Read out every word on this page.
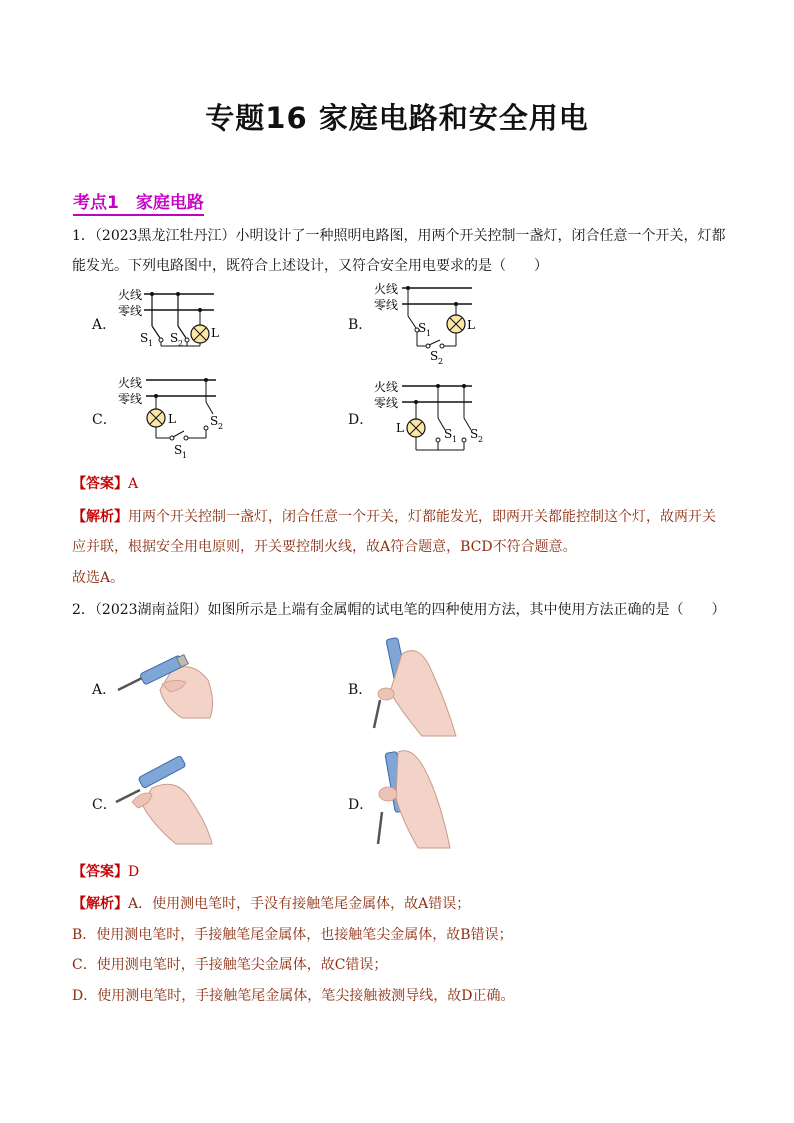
专题16 家庭电路和安全用电
考点1　家庭电路
1．（2023黑龙江牡丹江）小明设计了一种照明电路图，用两个开关控制一盏灯，闭合任意一个开关，灯都
能发光。下列电路图中，既符合上述设计，又符合安全用电要求的是（　　）
A．	B．
C．	D．
火线
零线
L
S 1 S 2
火线
零线
L
S 1
S 2
火线
零线
L
S 1
S 2
火线
零线
L	S 1 S 2
【答案】A
【解析】用两个开关控制一盏灯，闭合任意一个开关，灯都能发光，即两开关都能控制这个灯，故两开关
应并联，根据安全用电原则，开关要控制火线，故A符合题意，BCD不符合题意。
故选A。
2．（2023湖南益阳）如图所示是上端有金属帽的试电笔的四种使用方法，其中使用方法正确的是（　　）
A．	B．
C．	D．
【答案】D
【解析】A．使用测电笔时，手没有接触笔尾金属体，故A错误；
B．使用测电笔时，手接触笔尾金属体，也接触笔尖金属体，故B错误；
C．使用测电笔时，手接触笔尖金属体，故C错误；
D．使用测电笔时，手接触笔尾金属体，笔尖接触被测导线，故D正确。
